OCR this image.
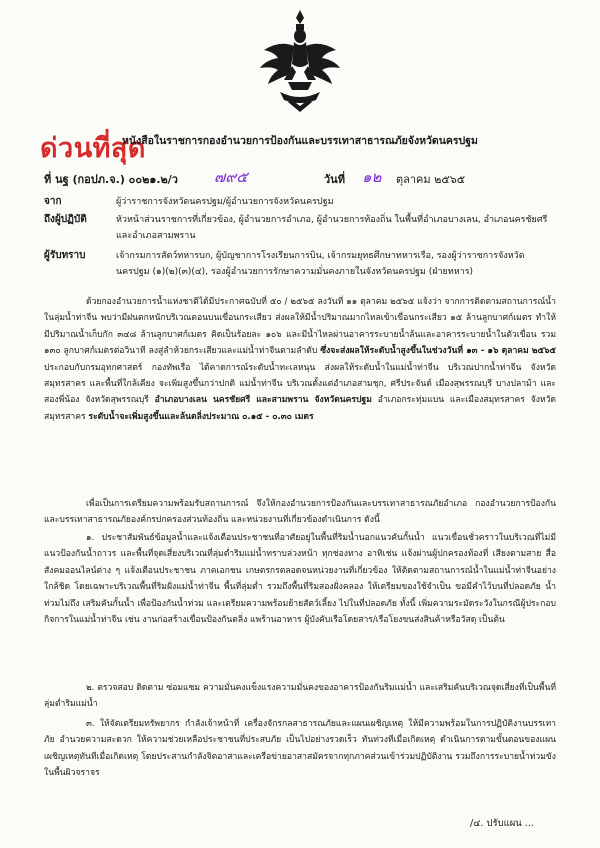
ด่วนที่สุด
หนังสือในราชการกองอำนวยการป้องกันและบรรเทาสาธารณภัยจังหวัดนครปฐม
ที่ นฐ (กอปภ.จ.) ๐๐๒๑.๒/ว ๗๙๕	วันที่ ๑๒ ตุลาคม ๒๕๖๕
จาก	ผู้ว่าราชการจังหวัดนครปฐม/ผู้อำนวยการจังหวัดนครปฐม
ถึงผู้ปฏิบัติ	หัวหน้าส่วนราชการที่เกี่ยวข้อง, ผู้อำนวยการอำเภอ, ผู้อำนวยการท้องถิ่น ในพื้นที่อำเภอบางเลน, อำเภอนครชัยศรี และอำเภอสามพราน
ผู้รับทราบ	เจ้ากรมการสัตว์ทหารบก, ผู้บัญชาการโรงเรียนการบิน, เจ้ากรมยุทธศึกษาทหารเรือ, รองผู้ว่าราชการจังหวัดนครปฐม (๑)(๒)(๓)(๔), รองผู้อำนวยการรักษาความมั่นคงภายในจังหวัดนครปฐม (ฝ่ายทหาร)
ด้วยกองอำนวยการน้ำแห่งชาติได้มีประกาศฉบับที่ ๕๐ / ๒๕๖๕ ลงวันที่ ๑๑ ตุลาคม ๒๕๖๕ แจ้งว่า จากการติดตามสถานการณ์น้ำในลุ่มน้ำท่าจีน พบว่ามีฝนตกหนักบริเวณตอนบนเขื่อนกระเสียว ส่งผลให้มีน้ำปริมาณมากไหลเข้าเขื่อนกระเสียว ๑๕ ล้านลูกบาศก์เมตร ทำให้มีปริมาณน้ำเก็บกัก ๓๔๘ ล้านลูกบาศก์เมตร คิดเป็นร้อยละ ๑๐๖ และมีน้ำไหลผ่านอาคารระบายน้ำล้นและอาคารระบายน้ำในตัวเขื่อน รวม ๑๓๐ ลูกบาศก์เมตรต่อวินาที ลงสู่ลำห้วยกระเสียวและแม่น้ำท่าจีนตามลำดับ ซึ่งจะส่งผลให้ระดับน้ำสูงขึ้นในช่วงวันที่ ๑๓ - ๑๖ ตุลาคม ๒๕๖๕ ประกอบกับกรมอุทกศาสตร์ กองทัพเรือ ได้คาดการณ์ระดับน้ำทะเลหนุน ส่งผลให้ระดับน้ำในแม่น้ำท่าจีน บริเวณปากน้ำท่าจีน จังหวัดสมุทรสาคร และพื้นที่ใกล้เคียง จะเพิ่มสูงขึ้นกว่าปกติ แม่น้ำท่าจีน บริเวณตั้งแต่อำเภอสามชุก, ศรีประจันต์ เมืองสุพรรณบุรี บางปลาม้า และสองพี่น้อง จังหวัดสุพรรณบุรี อำเภอบางเลน นครชัยศรี และสามพราน จังหวัดนครปฐม อำเภอกระทุ่มแบน และเมืองสมุทรสาคร จังหวัดสมุทรสาคร ระดับน้ำจะเพิ่มสูงขึ้นและล้นตลิ่งประมาณ ๐.๑๕ - ๐.๓๐ เมตร
เพื่อเป็นการเตรียมความพร้อมรับสถานการณ์ จึงให้กองอำนวยการป้องกันและบรรเทาสาธารณภัยอำเภอ กองอำนวยการป้องกันและบรรเทาสาธารณภัยองค์กรปกครองส่วนท้องถิ่น และหน่วยงานที่เกี่ยวข้องดำเนินการ ดังนี้
๑. ประชาสัมพันธ์ข้อมูลน้ำและแจ้งเตือนประชาชนที่อาศัยอยู่ในพื้นที่ริมน้ำนอกแนวคันกั้นน้ำ แนวเขื่อนชั่วคราวในบริเวณที่ไม่มีแนวป้องกันน้ำถาวร และพื้นที่จุดเสี่ยงบริเวณที่ลุ่มต่ำริมแม่น้ำทราบล่วงหน้า ทุกช่องทาง อาทิเช่น แจ้งผ่านผู้ปกครองท้องที่ เสียงตามสาย สื่อสังคมออนไลน์ต่าง ๆ แจ้งเตือนประชาชน ภาคเอกชน เกษตรกรตลอดจนหน่วยงานที่เกี่ยวข้อง ให้ติดตามสถานการณ์น้ำในแม่น้ำท่าจีนอย่างใกล้ชิด โดยเฉพาะบริเวณพื้นที่ริมฝั่งแม่น้ำท่าจีน พื้นที่ลุ่มต่ำ รวมถึงพื้นที่ริมสองฝั่งคลอง ให้เตรียมของใช้จำเป็น ขอมีคำไว้บนที่ปลอดภัย น้ำท่วมไม่ถึง เสริมคันกั้นน้ำ เพื่อป้องกันน้ำท่วม และเตรียมความพร้อมย้ายสัตว์เลี้ยง ไปในที่ปลอดภัย ทั้งนี้ เพิ่มความระมัดระวังในกรณีผู้ประกอบกิจการในแม่น้ำท่าจีน เช่น งานก่อสร้างเขื่อนป้องกันตลิ่ง แพร้านอาหาร ผู้บังคับเรือโดยสาร/เรือโยงขนส่งสินค้าหรือวัสดุ เป็นต้น
๒. ตรวจสอบ ติดตาม ซ่อมแซม ความมั่นคงแข็งแรงความมั่นคงของอาคารป้องกันริมแม่น้ำ และเสริมคันบริเวณจุดเสี่ยงที่เป็นพื้นที่ลุ่มต่ำริมแม่น้ำ
๓. ให้จัดเตรียมทรัพยากร กำลังเจ้าหน้าที่ เครื่องจักรกลสาธารณภัยและแผนเผชิญเหตุ ให้มีความพร้อมในการปฏิบัติงานบรรเทาภัย อำนวยความสะดวก ให้ความช่วยเหลือประชาชนที่ประสบภัย เป็นไปอย่างรวดเร็ว ทันท่วงทีเมื่อเกิดเหตุ ดำเนินการตามขั้นตอนของแผนเผชิญเหตุทันทีเมื่อเกิดเหตุ โดยประสานกำลังจิตอาสาและเครือข่ายอาสาสมัครจากทุกภาคส่วนเข้าร่วมปฏิบัติงาน รวมถึงการระบายน้ำท่วมขังในพื้นผิวจราจร
/๔. ปรับแผน ...
